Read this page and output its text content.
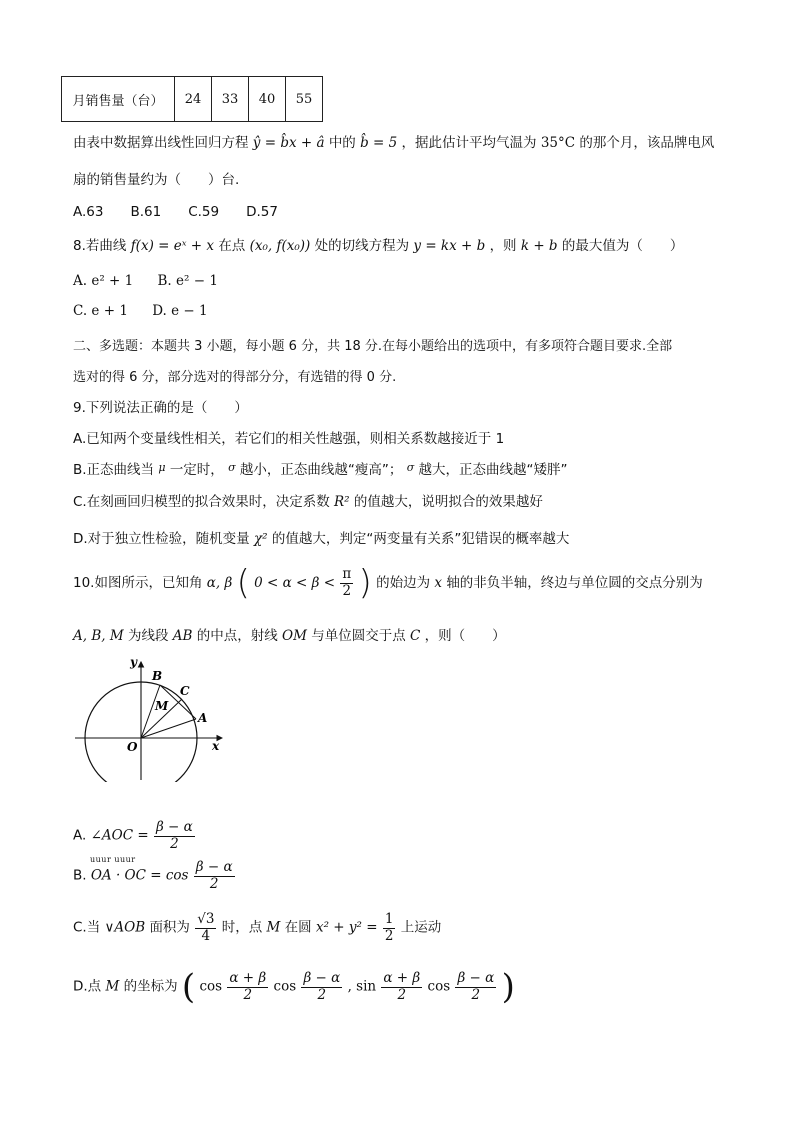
月销售量（台）	24	33	40	55
由表中数据算出线性回归方程 ŷ = b̂x + â 中的 b̂ = 5 ，据此估计平均气温为 35°C 的那个月，该品牌电风
扇的销售量约为（　　）台.
A.63　　B.61　　C.59　　D.57
8.若曲线 f(x) = eˣ + x 在点 (x₀, f(x₀)) 处的切线方程为 y = kx + b ，则 k + b 的最大值为（　　）
A. e² + 1 B. e² − 1
C. e + 1 D. e − 1
二、多选题：本题共 3 小题，每小题 6 分，共 18 分.在每小题给出的选项中，有多项符合题目要求.全部
选对的得 6 分，部分选对的得部分分，有选错的得 0 分.
9.下列说法正确的是（　　）
A.已知两个变量线性相关，若它们的相关性越强，则相关系数越接近于 1
B.正态曲线当 $^\mu$ 一定时， $^\sigma$ 越小，正态曲线越“瘦高”； $^\sigma$ 越大，正态曲线越“矮胖”
C.在刻画回归模型的拟合效果时，决定系数 R² 的值越大，说明拟合的效果越好
D.对于独立性检验，随机变量 χ² 的值越大，判定“两变量有关系”犯错误的概率越大
10.如图所示，已知角 α, β ( $0 < \alpha < \beta < \frac{\pi}{2}$ ) 的始边为 x 轴的非负半轴，终边与单位圆的交点分别为
A, B, M 为线段 AB 的中点，射线 OM 与单位圆交于点 C ，则（　　）
y
x
O
A
B
C
M
A. ∠AOC = $\frac{\beta - \alpha}{2}$
uuur uuur
B. OA · OC = $\cos \frac{\beta - \alpha}{2}$
C.当 ∨AOB 面积为 $\frac{√3}{4}$ 时，点 M 在圆 $x^2 + y^2 = \frac{1}{2}$ 上运动
D.点 M 的坐标为 ( $\cos \frac{\alpha + \beta}{2}$ $\cos \frac{\beta - \alpha}{2}$ , $\sin \frac{\alpha + \beta}{2}$ $\cos \frac{\beta - \alpha}{2}$ )
